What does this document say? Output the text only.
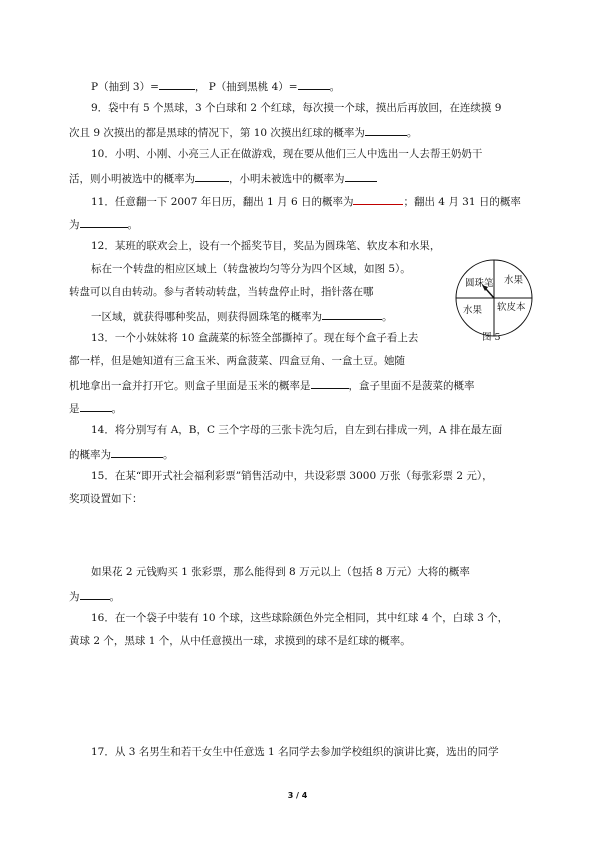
P（抽到 3）=	， P（抽到黑桃 4）=	。
9．袋中有 5 个黑球，3 个白球和 2 个红球，每次摸一个球，摸出后再放回，在连续摸 9
次且 9 次摸出的都是黑球的情况下，第 10 次摸出红球的概率为	。
10．小明、小刚、小亮三人正在做游戏，现在要从他们三人中选出一人去帮王奶奶干
活，则小明被选中的概率为	，小明未被选中的概率为
11．任意翻一下 2007 年日历，翻出 1 月 6 日的概率为	；翻出 4 月 31 日的概率
为	。
12．某班的联欢会上，设有一个摇奖节目，奖品为圆珠笔、软皮本和水果，
标在一个转盘的相应区域上（转盘被均匀等分为四个区域，如图 5）。
转盘可以自由转动。参与者转动转盘，当转盘停止时，指针落在哪
一区域，就获得哪种奖品，则获得圆珠笔的概率为	。
圆珠笔 水果
水果 软皮本
图 5
13．一个小妹妹将 10 盒蔬菜的标签全部撕掉了。现在每个盒子看上去
都一样，但是她知道有三盒玉米、两盒菠菜、四盒豆角、一盒土豆。她随
机地拿出一盒并打开它。则盒子里面是玉米的概率是	，盒子里面不是菠菜的概率
是	。
14．将分别写有 A，B，C 三个字母的三张卡洗匀后，自左到右排成一列，A 排在最左面
的概率为	。
15．在某“即开式社会福利彩票”销售活动中，共设彩票 3000 万张（每张彩票 2 元），
奖项设置如下：
如果花 2 元钱购买 1 张彩票，那么能得到 8 万元以上（包括 8 万元）大将的概率
为	。
16．在一个袋子中装有 10 个球，这些球除颜色外完全相同，其中红球 4 个，白球 3 个，
黄球 2 个，黑球 1 个，从中任意摸出一球，求摸到的球不是红球的概率。
17．从 3 名男生和若干女生中任意选 1 名同学去参加学校组织的演讲比赛，选出的同学
3 / 4
